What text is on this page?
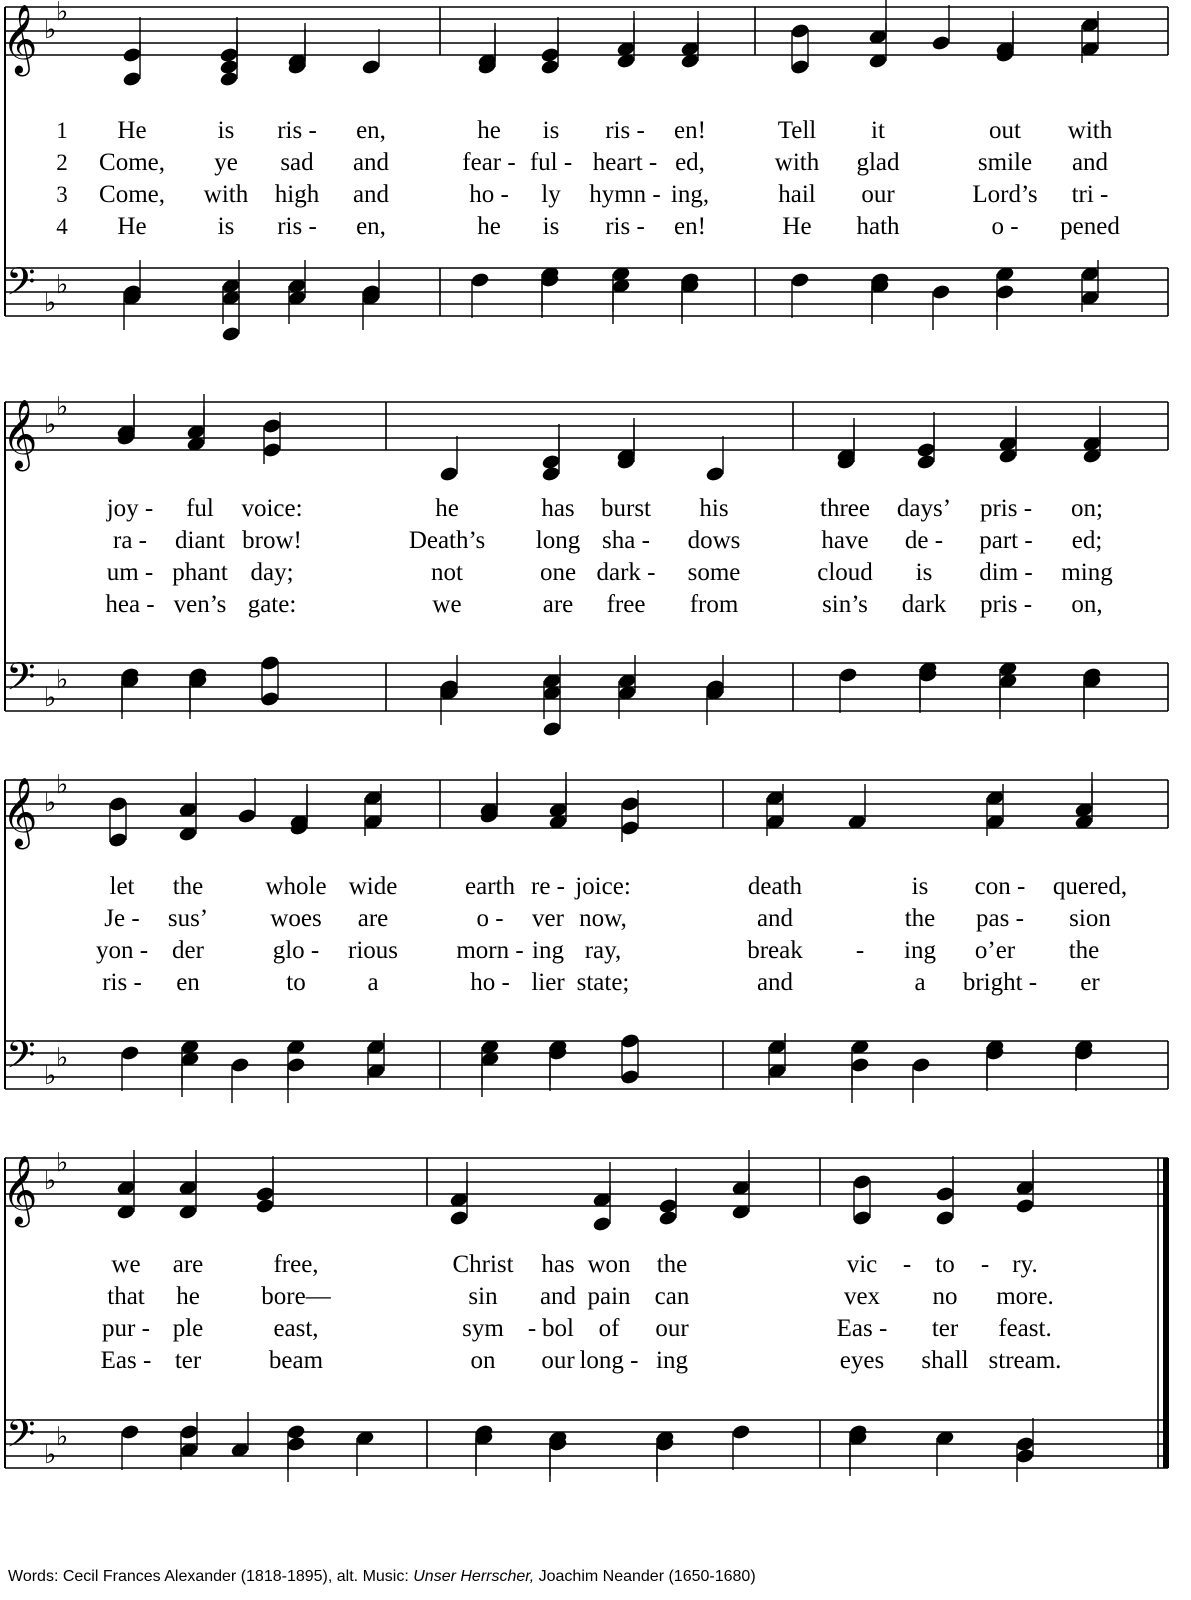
𝄞
𝄢
♭
♭
♭
♭
1 He	is ris - en,	he is ris - en!	Tell it	out with
2 Come, ye sad and	fear - ful - heart - ed,	with glad	smile and
3 Come, with high and	ho - ly hymn - ing,	hail our	Lord’s tri -
4 He	is ris - en,	he is ris - en!	He hath	o - pened
𝄞
𝄢
♭
♭
♭
♭
joy - ful voice:	he	has burst his	three days’ pris - on;
ra - diant brow!	Death’s long sha - dows	have de - part - ed;
um - phant day;	not	one dark - some	cloud is dim - ming
hea - ven’s gate:	we	are free from	sin’s dark pris - on,
𝄞
𝄢
♭
♭
♭
♭
let the whole wide	earth re - joice:	death	is con - quered,
Je - sus’ woes are	o - ver now,	and	the pas - sion
yon - der	glo - rious morn - ing ray,	break - ing o’er the
ris - en	to a	ho - lier state;	and	a bright - er
𝄞
𝄢
♭
♭
♭
♭
we are	free,	Christ has won the	vic - to - ry.
that he bore—	sin and pain can	vex no more.
pur - ple	east,	sym - bol of our	Eas - ter feast.
Eas - ter	beam	on our long - ing	eyes shall stream.
Words: Cecil Frances Alexander (1818-1895), alt. Music: Unser Herrscher, Joachim Neander (1650-1680)
